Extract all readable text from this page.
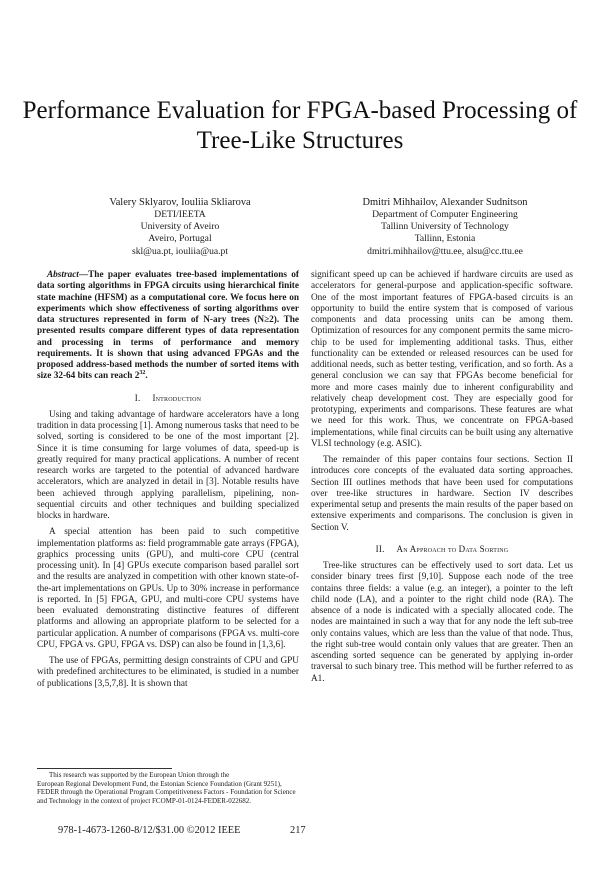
Performance Evaluation for FPGA-based Processing of
Tree-Like Structures
Valery Sklyarov, Iouliia Skliarova
DETI/IEETA
University of Aveiro
Aveiro, Portugal
skl@ua.pt, iouliia@ua.pt
Dmitri Mihhailov, Alexander Sudnitson
Department of Computer Engineering
Tallinn University of Technology
Tallinn, Estonia
dmitri.mihhailov@ttu.ee, alsu@cc.ttu.ee

Abstract—The paper evaluates tree-based implementations of data sorting algorithms in FPGA circuits using hierarchical finite state machine (HFSM) as a computational core. We focus here on experiments which show effectiveness of sorting algorithms over data structures represented in form of N-ary trees (N≥2). The presented results compare different types of data representation and processing in terms of performance and memory requirements. It is shown that using advanced FPGAs and the proposed address-based methods the number of sorted items with size 32-64 bits can reach $2^{32}$.

I. Introduction

Using and taking advantage of hardware accelerators have a long tradition in data processing [1]. Among numerous tasks that need to be solved, sorting is considered to be one of the most important [2]. Since it is time consuming for large volumes of data, speed-up is greatly required for many practical applications. A number of recent research works are targeted to the potential of advanced hardware accelerators, which are analyzed in detail in [3]. Notable results have been achieved through applying parallelism, pipelining, non-sequential circuits and other techniques and building specialized blocks in hardware.

A special attention has been paid to such competitive implementation platforms as: field programmable gate arrays (FPGA), graphics processing units (GPU), and multi-core CPU (central processing unit). In [4] GPUs execute comparison based parallel sort and the results are analyzed in competition with other known state-of-the-art implementations on GPUs. Up to 30% increase in performance is reported. In [5] FPGA, GPU, and multi-core CPU systems have been evaluated demonstrating distinctive features of different platforms and allowing an appropriate platform to be selected for a particular application. A number of comparisons (FPGA vs. multi-core CPU, FPGA vs. GPU, FPGA vs. DSP) can also be found in [1,3,6].

The use of FPGAs, permitting design constraints of CPU and GPU with predefined architectures to be eliminated, is studied in a number of publications [3,5,7,8]. It is shown that

significant speed up can be achieved if hardware circuits are used as accelerators for general-purpose and application-specific software. One of the most important features of FPGA-based circuits is an opportunity to build the entire system that is composed of various components and data processing units can be among them. Optimization of resources for any component permits the same micro-chip to be used for implementing additional tasks. Thus, either functionality can be extended or released resources can be used for additional needs, such as better testing, verification, and so forth. As a general conclusion we can say that FPGAs become beneficial for more and more cases mainly due to inherent configurability and relatively cheap development cost. They are especially good for prototyping, experiments and comparisons. These features are what we need for this work. Thus, we concentrate on FPGA-based implementations, while final circuits can be built using any alternative VLSI technology (e.g. ASIC).

The remainder of this paper contains four sections. Section II introduces core concepts of the evaluated data sorting approaches. Section III outlines methods that have been used for computations over tree-like structures in hardware. Section IV describes experimental setup and presents the main results of the paper based on extensive experiments and comparisons. The conclusion is given in Section V.

II. An Approach to Data Sorting

Tree-like structures can be effectively used to sort data. Let us consider binary trees first [9,10]. Suppose each node of the tree contains three fields: a value (e.g. an integer), a pointer to the left child node (LA), and a pointer to the right child node (RA). The absence of a node is indicated with a specially allocated code. The nodes are maintained in such a way that for any node the left sub-tree only contains values, which are less than the value of that node. Thus, the right sub-tree would contain only values that are greater. Then an ascending sorted sequence can be generated by applying in-order traversal to such binary tree. This method will be further referred to as A1.

This research was supported by the European Union through the

European Regional Development Fund, the Estonian Science Foundation (Grant 9251), FEDER through the Operational Program Competitiveness Factors - Foundation for Science and Technology in the context of project FCOMP-01-0124-FEDER-022682.

978-1-4673-1260-8/12/$31.00 ©2012 IEEE	217
